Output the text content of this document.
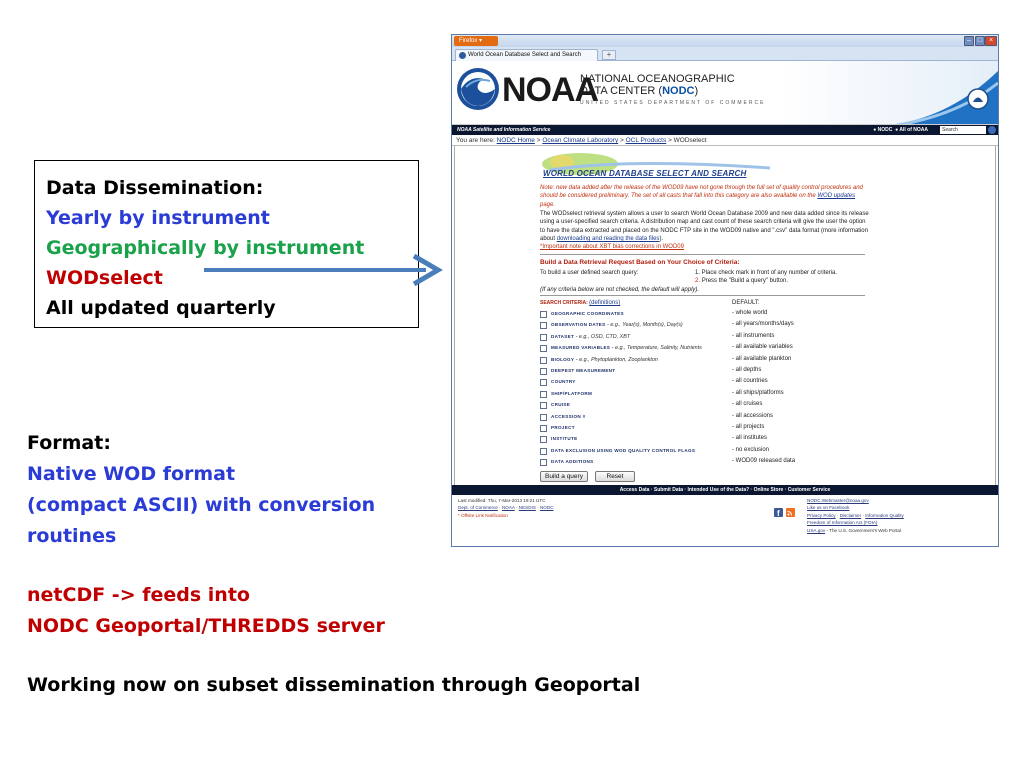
Data Dissemination:
Yearly by instrument
Geographically by instrument
WODselect
All updated quarterly
Format:
Native WOD format
(compact ASCII) with conversion
routines
netCDF -> feeds into
NODC Geoportal/THREDDS server
Working now on subset dissemination through Geoportal
Firefox ▾	– □ ×
World Ocean Database Select and Search	+
NOAA
NATIONAL OCEANOGRAPHIC
DATA CENTER (NODC)
UNITED STATES DEPARTMENT OF COMMERCE
NOAA Satellite and Information Service	● NODC ● All of NOAA	Search
You are here: NODC Home > Ocean Climate Laboratory > OCL Products > WODselect
WORLD OCEAN DATABASE SELECT AND SEARCH
Note: new data added after the release of the WOD09 have not gone through the full set of quality control procedures and should be considered preliminary. The set of all casts that fall into this category are also available on the WOD updates page.
The WODselect retrieval system allows a user to search World Ocean Database 2009 and new data added since its release using a user-specified search criteria. A distribution map and cast count of these search criteria will give the user the option to have the data extracted and placed on the NODC FTP site in the WOD09 native and ".csv" data format (more information about downloading and reading the data files).
*Important note about XBT bias corrections in WOD09
Build a Data Retrieval Request Based on Your Choice of Criteria:
To build a user defined search query:	1. Place check mark in front of any number of criteria.
2. Press the "Build a query" button.
(If any criteria below are not checked, the default will apply).
SEARCH CRITERIA: (definitions)	DEFAULT:
GEOGRAPHIC COORDINATES	- whole world
OBSERVATION DATES - e.g., Year(s), Month(s), Day(s)	- all years/months/days
DATASET - e.g., OSD, CTD, XBT	- all instruments
MEASURED VARIABLES - e.g., Temperature, Salinity, Nutrients	- all available variables
BIOLOGY - e.g., Phytoplankton, Zooplankton	- all available plankton
DEEPEST MEASUREMENT	- all depths
COUNTRY	- all countries
SHIP/PLATFORM	- all ships/platforms
CRUISE	- all cruises
ACCESSION #	- all accessions
PROJECT	- all projects
INSTITUTE	- all institutes
DATA EXCLUSION USING WOD QUALITY CONTROL FLAGS	- no exclusion
DATA ADDITIONS	- WOD09 released data
Build a query	Reset
Access Data · Submit Data · Intended Use of the Data? · Online Store · Customer Service
Last modified: Thu, 7-Mar-2013 19:21 UTC
Dept. of Commerce · NOAA · NESDIS · NODC
* Offsite Link Notification	f
NODC.Webmaster@noaa.gov
Like us on Facebook
Privacy Policy · Disclaimer · Information Quality
Freedom of Information Act (FOIA)
USA.gov - The U.S. Government's Web Portal
